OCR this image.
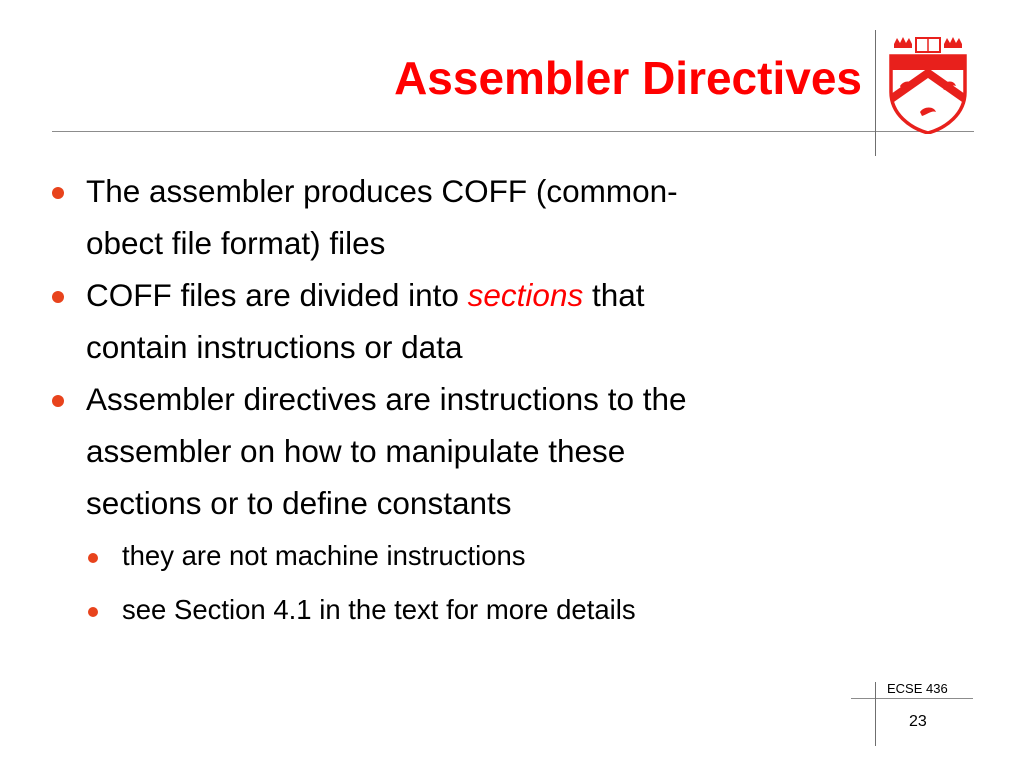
Assembler Directives
The assembler produces COFF (common-
obect file format) files
COFF files are divided into sections that
contain instructions or data
Assembler directives are instructions to the
assembler on how to manipulate these
sections or to define constants
they are not machine instructions
see Section 4.1 in the text for more details
ECSE 436
23
